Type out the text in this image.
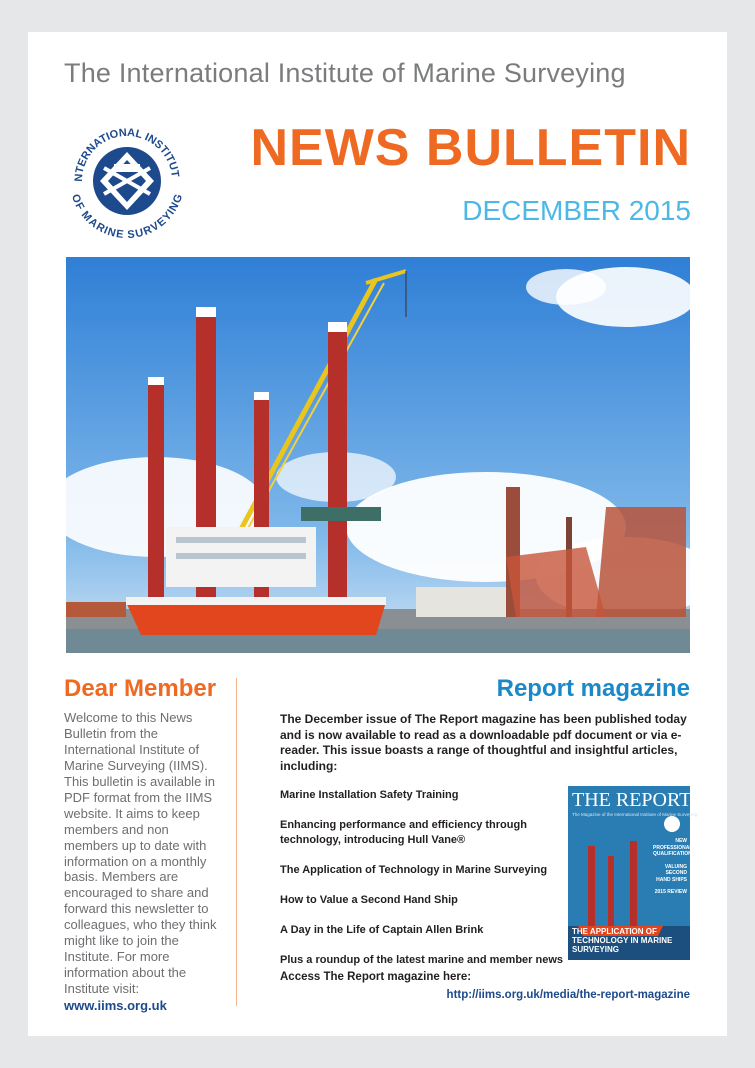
The International Institute of Marine Surveying
NTERNATIONAL INSTITUT
OF MARINE SURVEYING
NEWS BULLETIN
DECEMBER 2015
Dear Member

Welcome to this News Bulletin from the International Institute of Marine Surveying (IIMS). This bulletin is available in PDF format from the IIMS website. It aims to keep members and non members up to date with information on a monthly basis. Members are encouraged to share and forward this newsletter to colleagues, who they think might like to join the Institute. For more information about the Institute visit:

www.iims.org.uk
Report magazine

The December issue of The Report magazine has been published today and is now available to read as a downloadable pdf document or via e-reader. This issue boasts a range of thoughtful and insightful articles, including:

Marine Installation Safety Training
Enhancing performance and efficiency through technology, introducing Hull Vane®
The Application of Technology in Marine Surveying
How to Value a Second Hand Ship
A Day in the Life of Captain Allen Brink
Plus a roundup of the latest marine and member news
THE REPORT
The Magazine of the International Institute of Marine Surveying
NEW PROFESSIONAL QUALIFICATIONS
VALUING SECOND HAND SHIPS
2015 REVIEW
THE APPLICATION OF TECHNOLOGY IN MARINE SURVEYING
Access The Report magazine here:
http://iims.org.uk/media/the-report-magazine
